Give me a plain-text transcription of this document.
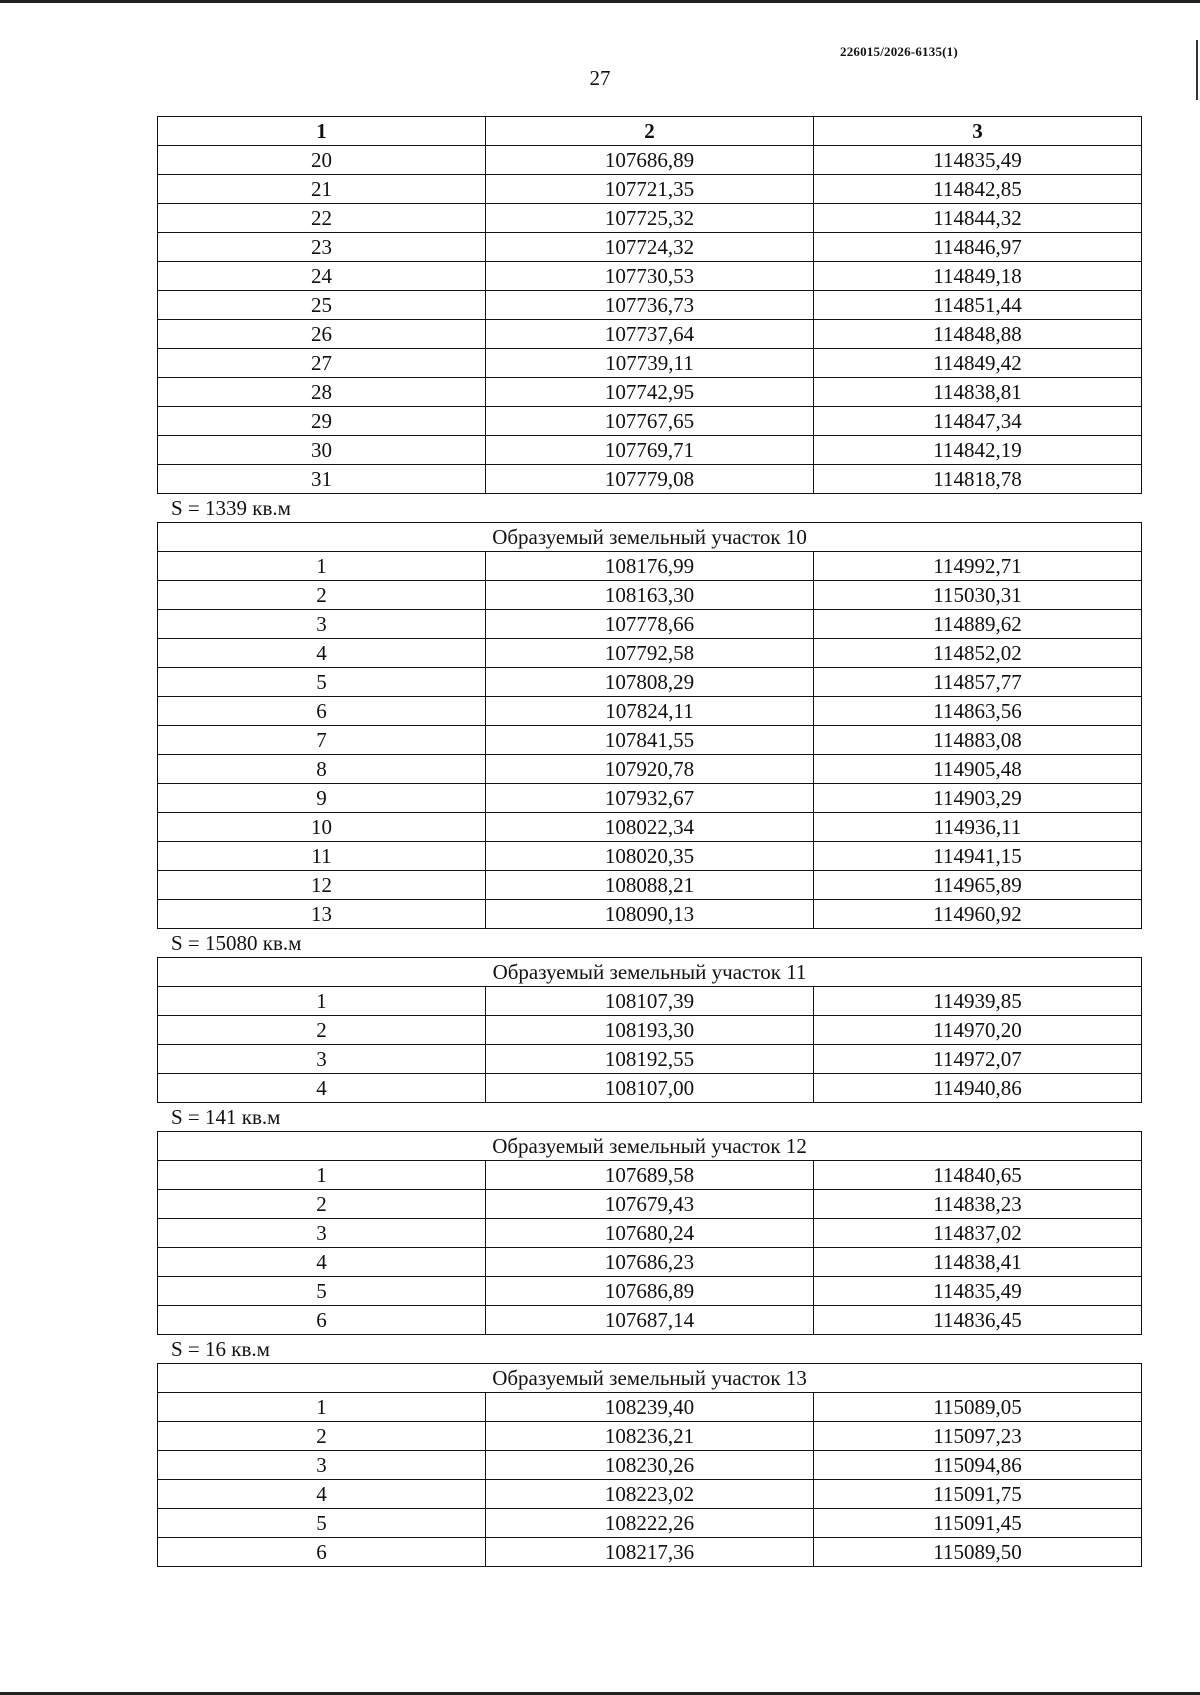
226015/2026-6135(1)
27
1	2	3
20	107686,89	114835,49
21	107721,35	114842,85
22	107725,32	114844,32
23	107724,32	114846,97
24	107730,53	114849,18
25	107736,73	114851,44
26	107737,64	114848,88
27	107739,11	114849,42
28	107742,95	114838,81
29	107767,65	114847,34
30	107769,71	114842,19
31	107779,08	114818,78
S = 1339 кв.м
Образуемый земельный участок 10		
1	108176,99	114992,71
2	108163,30	115030,31
3	107778,66	114889,62
4	107792,58	114852,02
5	107808,29	114857,77
6	107824,11	114863,56
7	107841,55	114883,08
8	107920,78	114905,48
9	107932,67	114903,29
10	108022,34	114936,11
11	108020,35	114941,15
12	108088,21	114965,89
13	108090,13	114960,92
S = 15080 кв.м
Образуемый земельный участок 11		
1	108107,39	114939,85
2	108193,30	114970,20
3	108192,55	114972,07
4	108107,00	114940,86
S = 141 кв.м
Образуемый земельный участок 12		
1	107689,58	114840,65
2	107679,43	114838,23
3	107680,24	114837,02
4	107686,23	114838,41
5	107686,89	114835,49
6	107687,14	114836,45
S = 16 кв.м
Образуемый земельный участок 13		
1	108239,40	115089,05
2	108236,21	115097,23
3	108230,26	115094,86
4	108223,02	115091,75
5	108222,26	115091,45
6	108217,36	115089,50
